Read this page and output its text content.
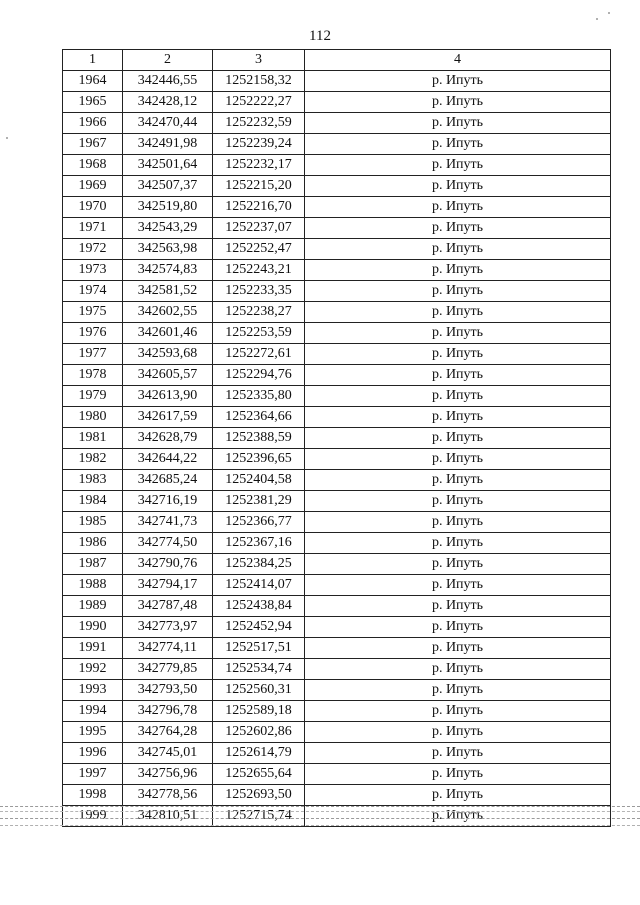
112
1	2	3	4
1964	342446,55	1252158,32	р. Ипуть
1965	342428,12	1252222,27	р. Ипуть
1966	342470,44	1252232,59	р. Ипуть
1967	342491,98	1252239,24	р. Ипуть
1968	342501,64	1252232,17	р. Ипуть
1969	342507,37	1252215,20	р. Ипуть
1970	342519,80	1252216,70	р. Ипуть
1971	342543,29	1252237,07	р. Ипуть
1972	342563,98	1252252,47	р. Ипуть
1973	342574,83	1252243,21	р. Ипуть
1974	342581,52	1252233,35	р. Ипуть
1975	342602,55	1252238,27	р. Ипуть
1976	342601,46	1252253,59	р. Ипуть
1977	342593,68	1252272,61	р. Ипуть
1978	342605,57	1252294,76	р. Ипуть
1979	342613,90	1252335,80	р. Ипуть
1980	342617,59	1252364,66	р. Ипуть
1981	342628,79	1252388,59	р. Ипуть
1982	342644,22	1252396,65	р. Ипуть
1983	342685,24	1252404,58	р. Ипуть
1984	342716,19	1252381,29	р. Ипуть
1985	342741,73	1252366,77	р. Ипуть
1986	342774,50	1252367,16	р. Ипуть
1987	342790,76	1252384,25	р. Ипуть
1988	342794,17	1252414,07	р. Ипуть
1989	342787,48	1252438,84	р. Ипуть
1990	342773,97	1252452,94	р. Ипуть
1991	342774,11	1252517,51	р. Ипуть
1992	342779,85	1252534,74	р. Ипуть
1993	342793,50	1252560,31	р. Ипуть
1994	342796,78	1252589,18	р. Ипуть
1995	342764,28	1252602,86	р. Ипуть
1996	342745,01	1252614,79	р. Ипуть
1997	342756,96	1252655,64	р. Ипуть
1998	342778,56	1252693,50	р. Ипуть
1999	342810,51	1252715,74	р. Ипуть
